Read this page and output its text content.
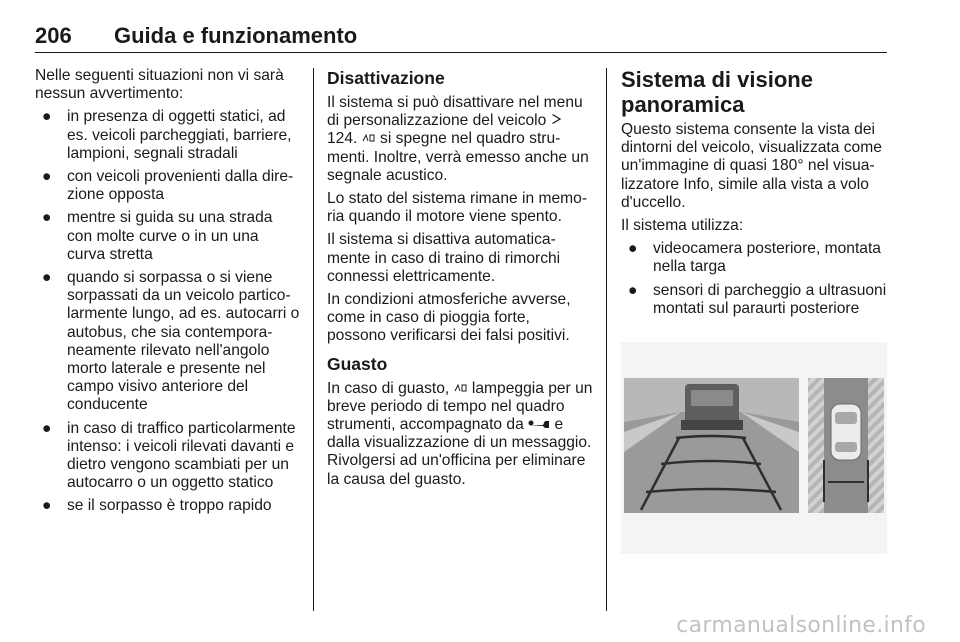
206 Guida e funzionamento

Nelle seguenti situazioni non vi sarà nessun avvertimento:

● in presenza di oggetti statici, ad es. veicoli parcheggiati, barriere, lampioni, segnali stradali
● con veicoli provenienti dalla direzione opposta
● mentre si guida su una strada con molte curve o in un una curva stretta
● quando si sorpassa o si viene sorpassati da un veicolo particolarmente lungo, ad es. autocarri o autobus, che sia contemporaneamente rilevato nell'angolo morto laterale e presente nel campo visivo anteriore del conducente
● in caso di traffico particolarmente intenso: i veicoli rilevati davanti e dietro vengono scambiati per un autocarro o un oggetto statico
● se il sorpasso è troppo rapido
Disattivazione

Il sistema si può disattivare nel menu di personalizzazione del veicolo  124. si spegne nel quadro strumenti. Inoltre, verrà emesso anche un segnale acustico.

Lo stato del sistema rimane in memoria quando il motore viene spento.

Il sistema si disattiva automaticamente in caso di traino di rimorchi connessi elettricamente.

In condizioni atmosferiche avverse, come in caso di pioggia forte, possono verificarsi dei falsi positivi.

Guasto

In caso di guasto, lampeggia per un breve periodo di tempo nel quadro strumenti, accompagnato da e dalla visualizzazione di un messaggio. Rivolgersi ad un'officina per eliminare la causa del guasto.

Sistema di visione panoramica

Questo sistema consente la vista dei dintorni del veicolo, visualizzata come un'immagine di quasi 180° nel visualizzatore Info, simile alla vista a volo d'uccello.

Il sistema utilizza:

● videocamera posteriore, montata nella targa
● sensori di parcheggio a ultrasuoni montati sul paraurti posteriore
carmanualsonline.info
